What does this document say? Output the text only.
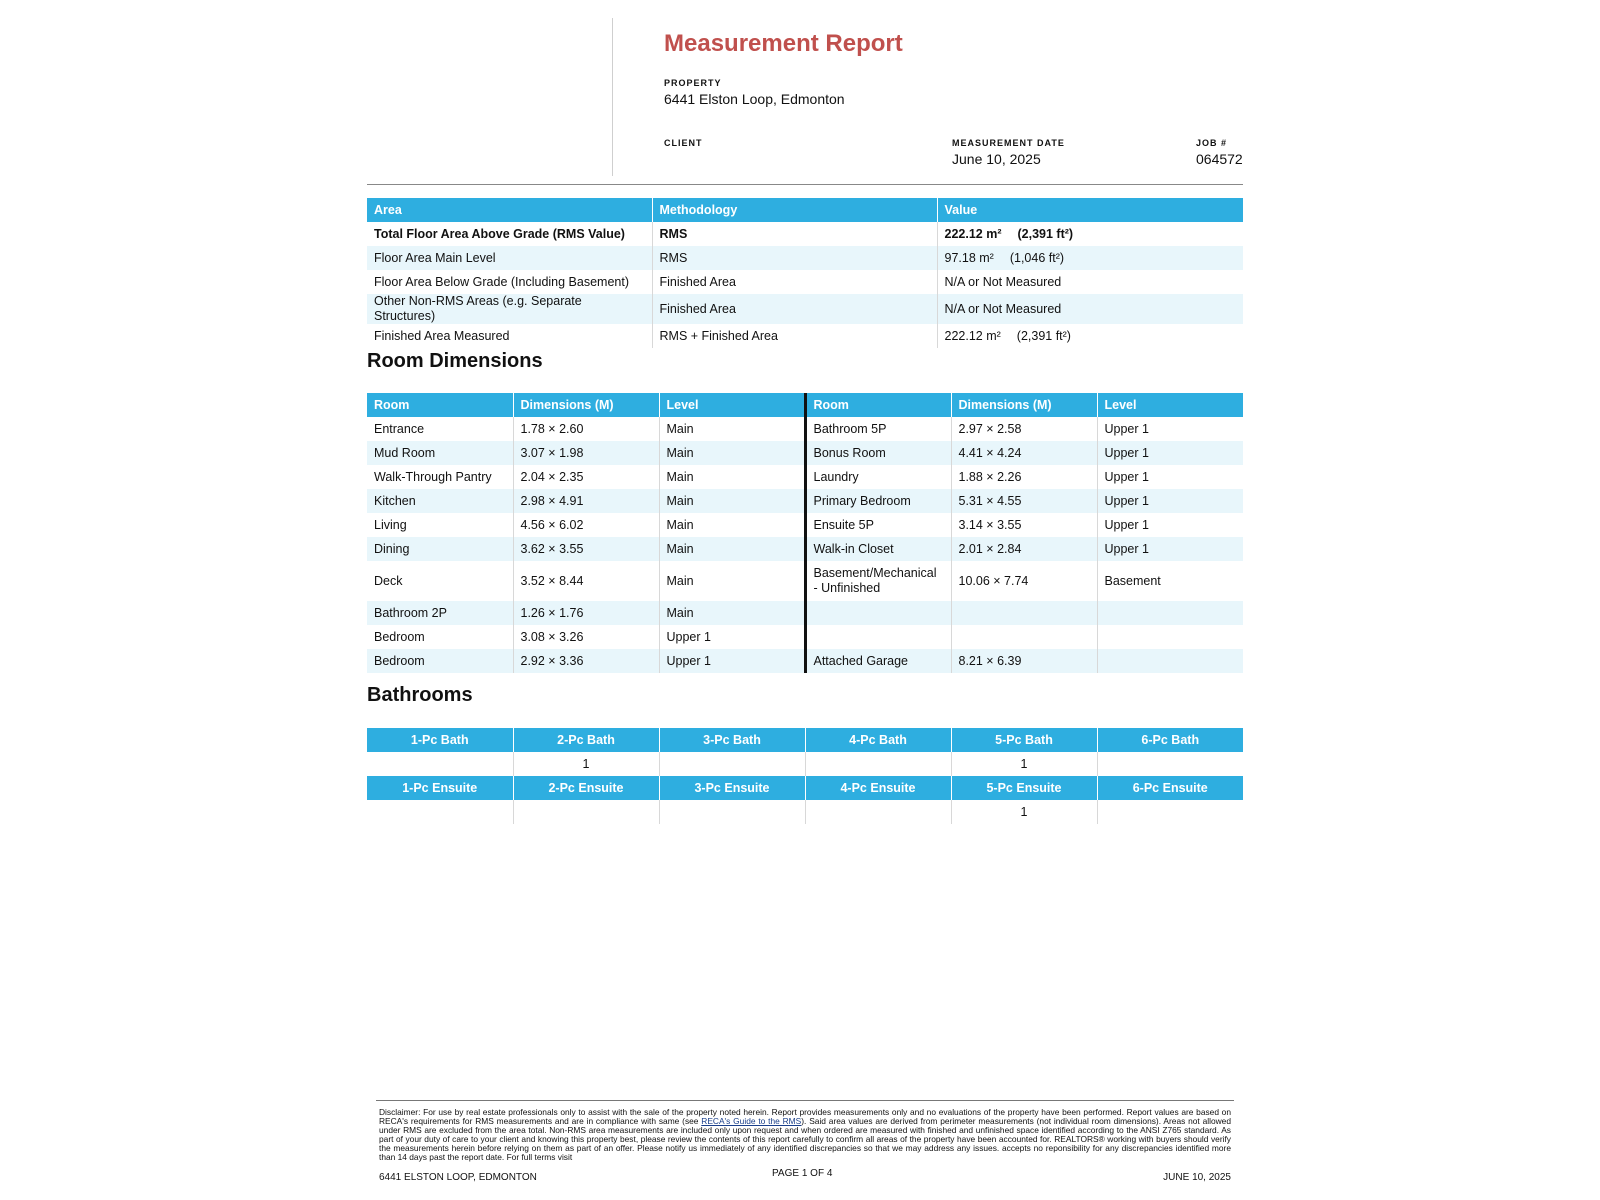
Measurement Report
PROPERTY
6441 Elston Loop, Edmonton
CLIENT	MEASUREMENT DATE
June 10, 2025
JOB #
064572
Area	Methodology	Value
Total Floor Area Above Grade (RMS Value)	RMS	222.12 m² (2,391 ft²)
Floor Area Main Level	RMS	97.18 m² (1,046 ft²)
Floor Area Below Grade (Including Basement)	Finished Area	N/A or Not Measured
Other Non-RMS Areas (e.g. Separate Structures)	Finished Area	N/A or Not Measured
Finished Area Measured	RMS + Finished Area	222.12 m² (2,391 ft²)
Room Dimensions
Room	Dimensions (M)	Level	Room	Dimensions (M)	Level
Entrance	1.78 × 2.60	Main	Bathroom 5P	2.97 × 2.58	Upper 1
Mud Room	3.07 × 1.98	Main	Bonus Room	4.41 × 4.24	Upper 1
Walk-Through Pantry	2.04 × 2.35	Main	Laundry	1.88 × 2.26	Upper 1
Kitchen	2.98 × 4.91	Main	Primary Bedroom	5.31 × 4.55	Upper 1
Living	4.56 × 6.02	Main	Ensuite 5P	3.14 × 3.55	Upper 1
Dining	3.62 × 3.55	Main	Walk-in Closet	2.01 × 2.84	Upper 1
Deck	3.52 × 8.44	Main	Basement/Mechanical - Unfinished	10.06 × 7.74	Basement
Bathroom 2P	1.26 × 1.76	Main			
Bedroom	3.08 × 3.26	Upper 1			
Bedroom	2.92 × 3.36	Upper 1	Attached Garage	8.21 × 6.39	
Bathrooms
1-Pc Bath	2-Pc Bath	3-Pc Bath	4-Pc Bath	5-Pc Bath	6-Pc Bath
	1			1	
1-Pc Ensuite	2-Pc Ensuite	3-Pc Ensuite	4-Pc Ensuite	5-Pc Ensuite	6-Pc Ensuite
				1	
Disclaimer: For use by real estate professionals only to assist with the sale of the property noted herein. Report provides measurements only and no evaluations of the property have been performed. Report values are based on RECA's requirements for RMS measurements and are in compliance with same (see RECA's Guide to the RMS). Said area values are derived from perimeter measurements (not individual room dimensions). Areas not allowed under RMS are excluded from the area total. Non-RMS area measurements are included only upon request and when ordered are measured with finished and unfinished space identified according to the ANSI Z765 standard. As part of your duty of care to your client and knowing this property best, please review the contents of this report carefully to confirm all areas of the property have been accounted for. REALTORS® working with buyers should verify the measurements herein before relying on them as part of an offer. Please notify us immediately of any identified discrepancies so that we may address any issues. accepts no reponsibility for any discrepancies identified more than 14 days past the report date. For full terms visit
6441 ELSTON LOOP, EDMONTON	PAGE 1 OF 4	JUNE 10, 2025
